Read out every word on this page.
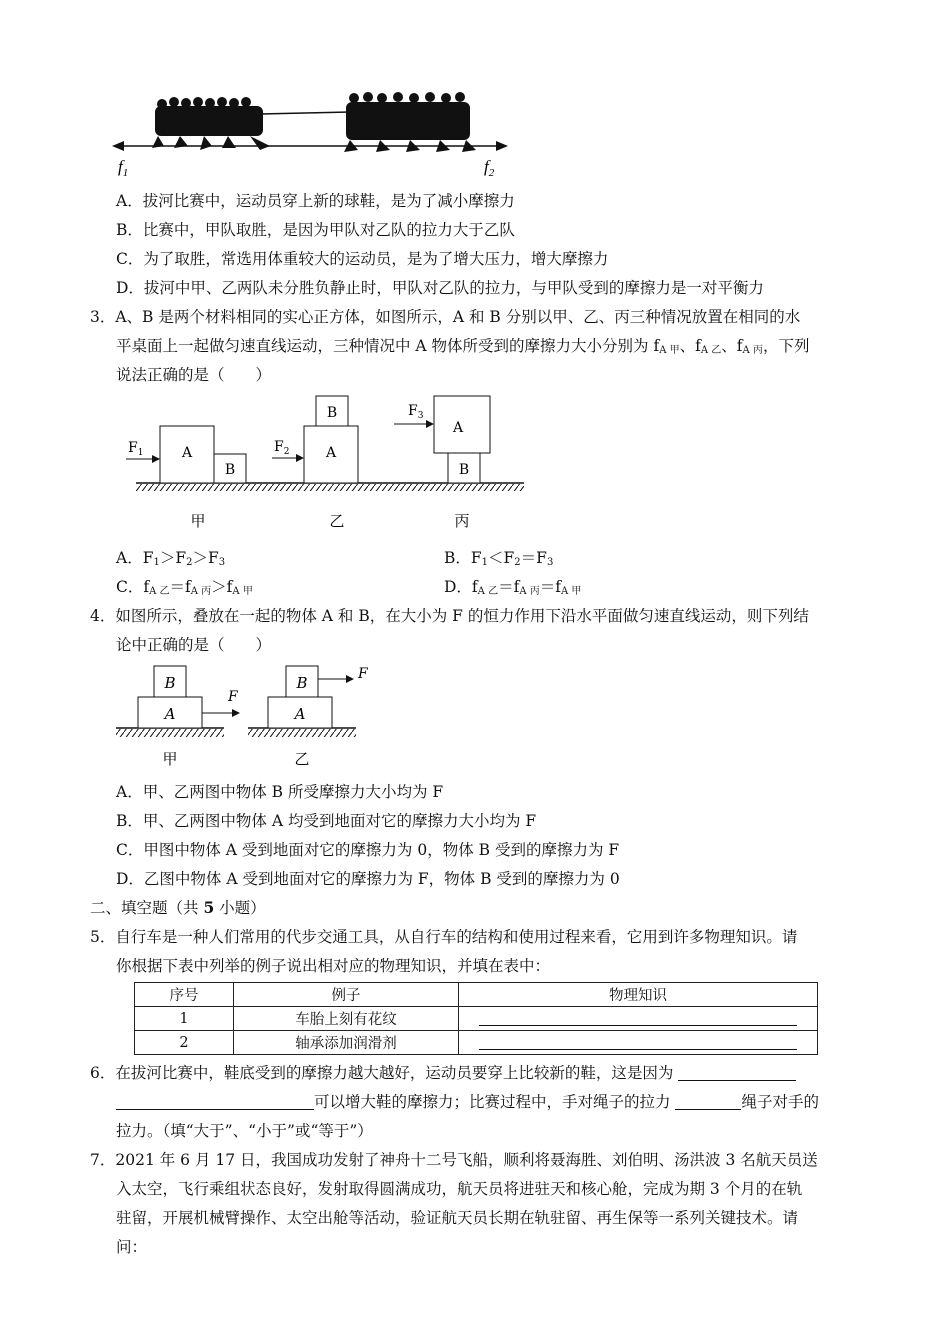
$f_1$	$f_2$
A．拔河比赛中，运动员穿上新的球鞋，是为了减小摩擦力
B．比赛中，甲队取胜，是因为甲队对乙队的拉力大于乙队
C．为了取胜，常选用体重较大的运动员，是为了增大压力，增大摩擦力
D．拔河中甲、乙两队未分胜负静止时，甲队对乙队的拉力，与甲队受到的摩擦力是一对平衡力
3．A、B 是两个材料相同的实心正方体，如图所示，A 和 B 分别以甲、乙、丙三种情况放置在相同的水
平桌面上一起做匀速直线运动，三种情况中 A 物体所受到的摩擦力大小分别为 $f_{A 甲}$、$f_{A 乙}$、$f_{A 丙}$，下列
说法正确的是（　　）
A
B
$F_1$	A
B
$F_2$
A
B
$F_3$
甲	乙	丙
A．$F_1>F_2>F_3$	B．$F_1<F_2=F_3$
C．$f_{A 乙}=f_{A 丙}>f_{A 甲}$	D．$f_{A 乙}=f_{A 丙}=f_{A 甲}$
4．如图所示，叠放在一起的物体 A 和 B，在大小为 F 的恒力作用下沿水平面做匀速直线运动，则下列结
论中正确的是（　　）
A
B
F
A
B	F
甲	乙
A．甲、乙两图中物体 B 所受摩擦力大小均为 F
B．甲、乙两图中物体 A 均受到地面对它的摩擦力大小均为 F
C．甲图中物体 A 受到地面对它的摩擦力为 0，物体 B 受到的摩擦力为 F
D．乙图中物体 A 受到地面对它的摩擦力为 F，物体 B 受到的摩擦力为 0
二、填空题（共 5 小题）
5．自行车是一种人们常用的代步交通工具，从自行车的结构和使用过程来看，它用到许多物理知识。请
你根据下表中列举的例子说出相对应的物理知识，并填在表中：
序号	例子	物理知识
1	车胎上刻有花纹	
2	轴承添加润滑剂	
6．在拔河比赛中，鞋底受到的摩擦力越大越好，运动员要穿上比较新的鞋，这是因为
可以增大鞋的摩擦力；比赛过程中，手对绳子的拉力	绳子对手的
拉力。（填“大于”、“小于”或“等于”）
7．2021 年 6 月 17 日，我国成功发射了神舟十二号飞船，顺利将聂海胜、刘伯明、汤洪波 3 名航天员送
入太空，飞行乘组状态良好，发射取得圆满成功，航天员将进驻天和核心舱，完成为期 3 个月的在轨
驻留，开展机械臂操作、太空出舱等活动，验证航天员长期在轨驻留、再生保等一系列关键技术。请
问：
